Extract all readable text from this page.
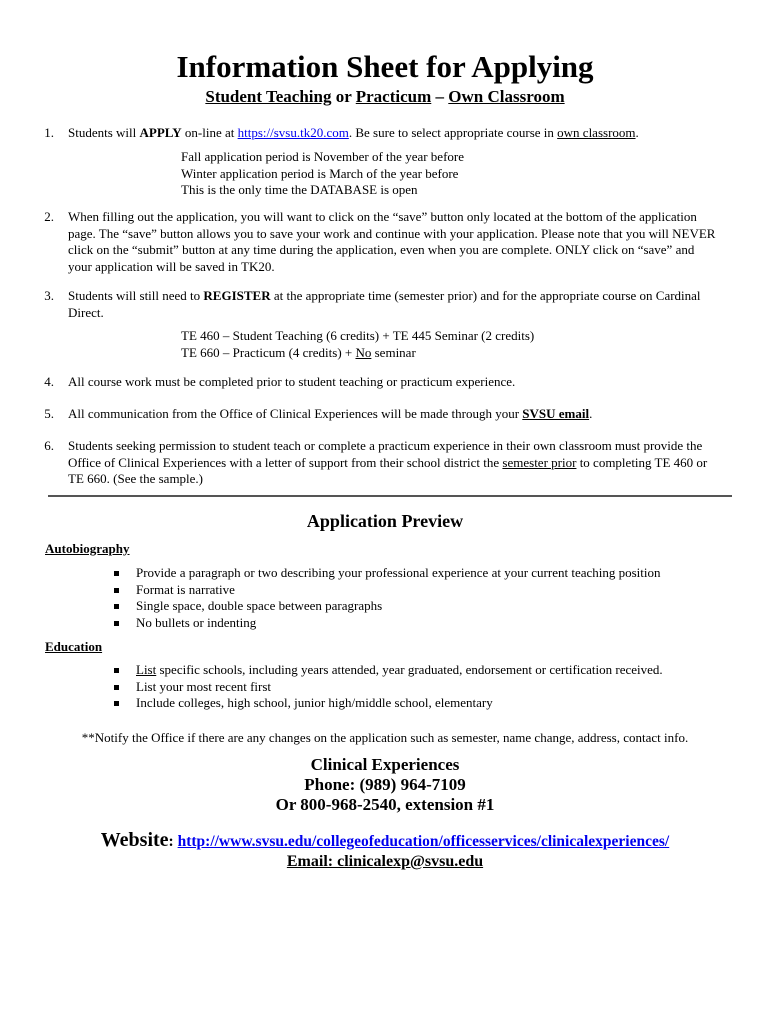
Information Sheet for Applying
Student Teaching or Practicum – Own Classroom
1. Students will APPLY on-line at https://svsu.tk20.com. Be sure to select appropriate course in own classroom.
Fall application period is November of the year before
Winter application period is March of the year before
This is the only time the DATABASE is open
2. When filling out the application, you will want to click on the “save” button only located at the bottom of the application page. The “save” button allows you to save your work and continue with your application. Please note that you will NEVER click on the “submit” button at any time during the application, even when you are complete. ONLY click on “save” and your application will be saved in TK20.
3. Students will still need to REGISTER at the appropriate time (semester prior) and for the appropriate course on Cardinal Direct.
TE 460 – Student Teaching (6 credits) + TE 445 Seminar (2 credits)
TE 660 – Practicum (4 credits) + No seminar
4. All course work must be completed prior to student teaching or practicum experience.
5. All communication from the Office of Clinical Experiences will be made through your SVSU email.
6. Students seeking permission to student teach or complete a practicum experience in their own classroom must provide the Office of Clinical Experiences with a letter of support from their school district the semester prior to completing TE 460 or TE 660. (See the sample.)
Application Preview
Autobiography
Provide a paragraph or two describing your professional experience at your current teaching position
Format is narrative
Single space, double space between paragraphs
No bullets or indenting
Education
List specific schools, including years attended, year graduated, endorsement or certification received.
List your most recent first
Include colleges, high school, junior high/middle school, elementary
**Notify the Office if there are any changes on the application such as semester, name change, address, contact info.
Clinical Experiences
Phone: (989) 964-7109
Or 800-968-2540, extension #1
Website: http://www.svsu.edu/collegeofeducation/officesservices/clinicalexperiences/
Email: clinicalexp@svsu.edu
